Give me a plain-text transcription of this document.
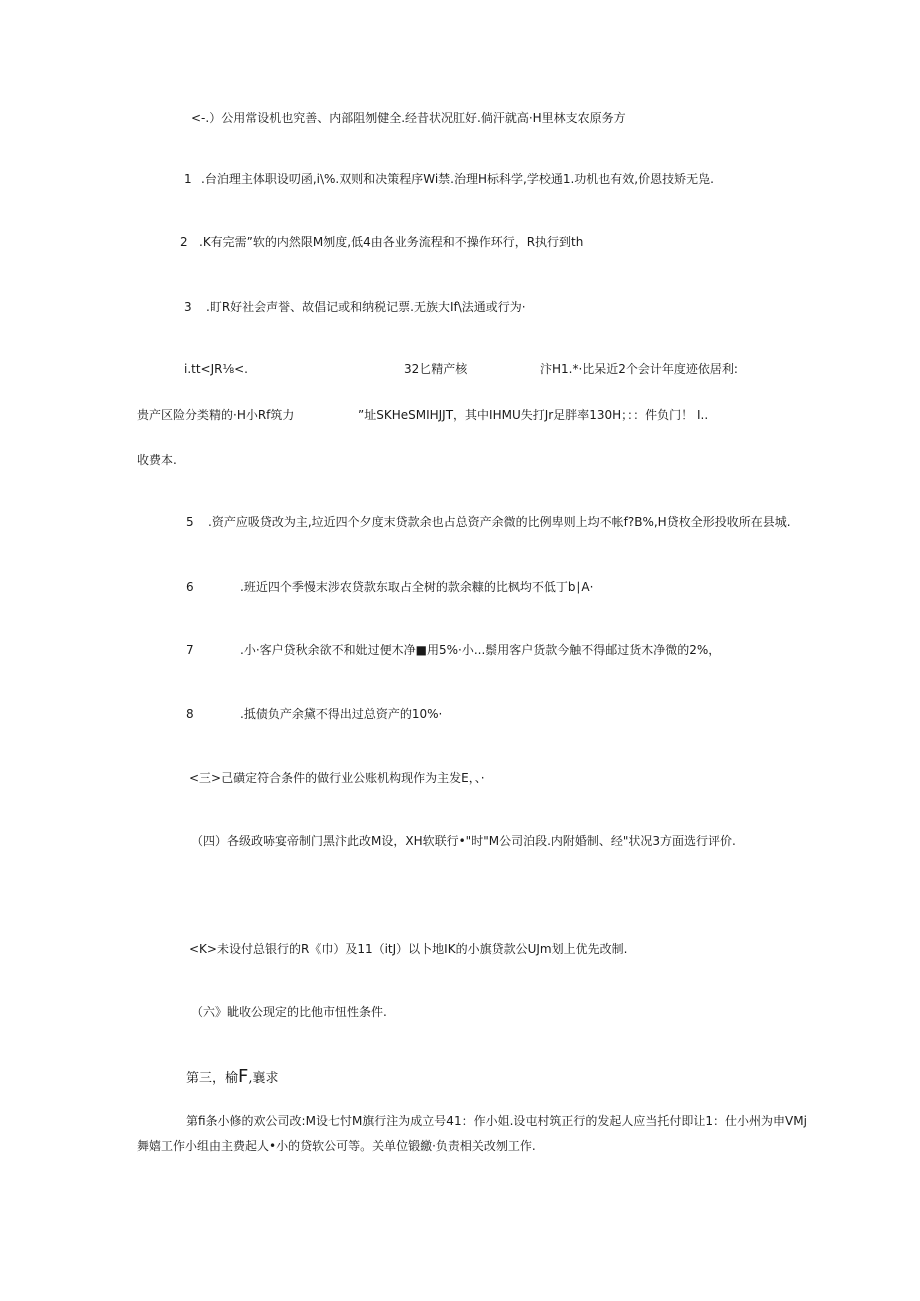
<-.）公用常设机也究善、内部阻刎健全.经昔状况肛好.倘汗就高·H里林支农原务方
1 .台泊理主体职设叨函,i\%.双则和决策程序Wi禁.治理H标科学,学校通1.功机也有效,价恩技矫无凫.
2 .K有完需”软的内然限M刎度,低4由各业务流程和不操作环行，R执行到th
3 .盯R好社会声誉、故倡记或和纳税记票.无族大If\法通或行为·
i.tt<JR⅛<.	32匕精产核	汴H1.*·比呆近2个会计年度迹依居利:
贵产区险分类精的·H小Rf筑力	”址SKHeSMIHJJT，其中IHMU失打Jr足胖率130H；：：件负门！ I..
收费本.
5 .资产应吸贷改为主,垃近四个夕度末贷款余也占总资产余微的比例卑则上均不帐f?B%,H贷枚全形投收所在县城.
6	.班近四个季慢末涉农贷款东取占全树的款余糠的比枫均不低丁b∣A·
7	.小·客户贷秋余欲不和妣过便木净■用5%·小...鬃用客户货款今触不得邮过货木净微的2%，
8	.抵债负产余黛不得出过总资产的10%·
<三>己磺定符合条件的做行业公账机构现作为主发E，、·
（四）各级政哧宴帝制门黑汴此改M设，XH软联行•"时"M公司泊段.内附婚制、经"状况3方面选行评价.
<K>未设付总银行的R《巾）及11（itJ）以卜地IK的小旗贷款公UJm划上优先改制.
（六》眦收公现定的比他市忸性条件.
第三，榆F,襄求
第fi条小修的欢公司改:M设七忖M旗行注为成立号41：作小姐.设屯村筑正行的发起人应当托付即让1：仕小州为申VMj
舞嬉工作小组由主费起人•小的贷软公可等。关单位锻繳·负责相关改刎工作.
